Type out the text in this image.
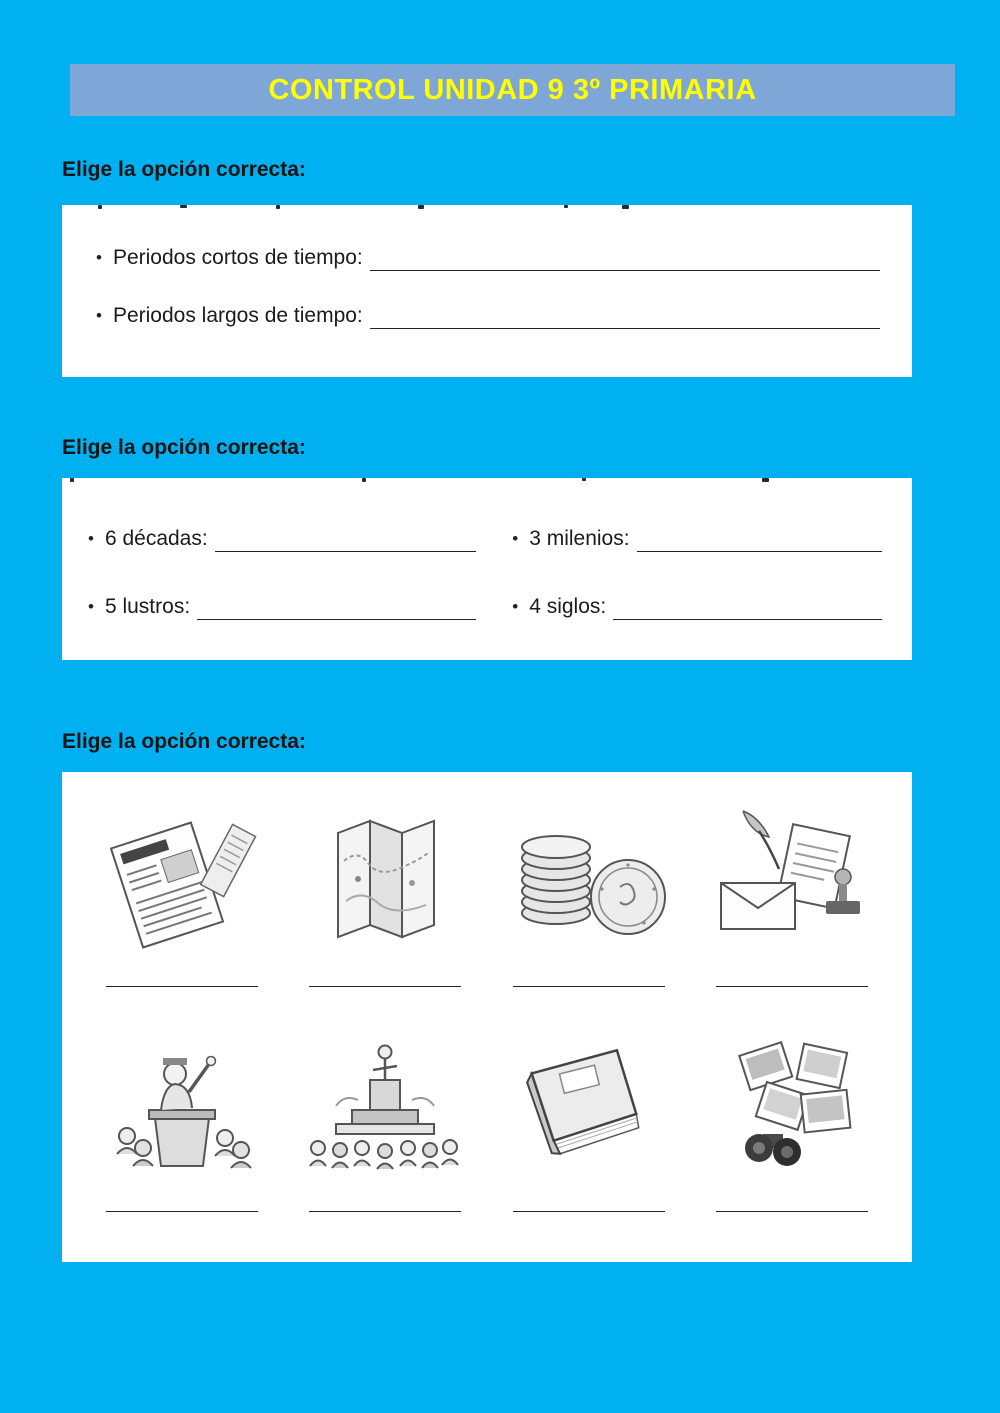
CONTROL UNIDAD 9 3º PRIMARIA
Elige la opción correcta:
• Periodos cortos de tiempo:
• Periodos largos de tiempo:
Elige la opción correcta:
• 6 décadas:	• 3 milenios:
• 5 lustros:	• 4 siglos:
Elige la opción correcta:
